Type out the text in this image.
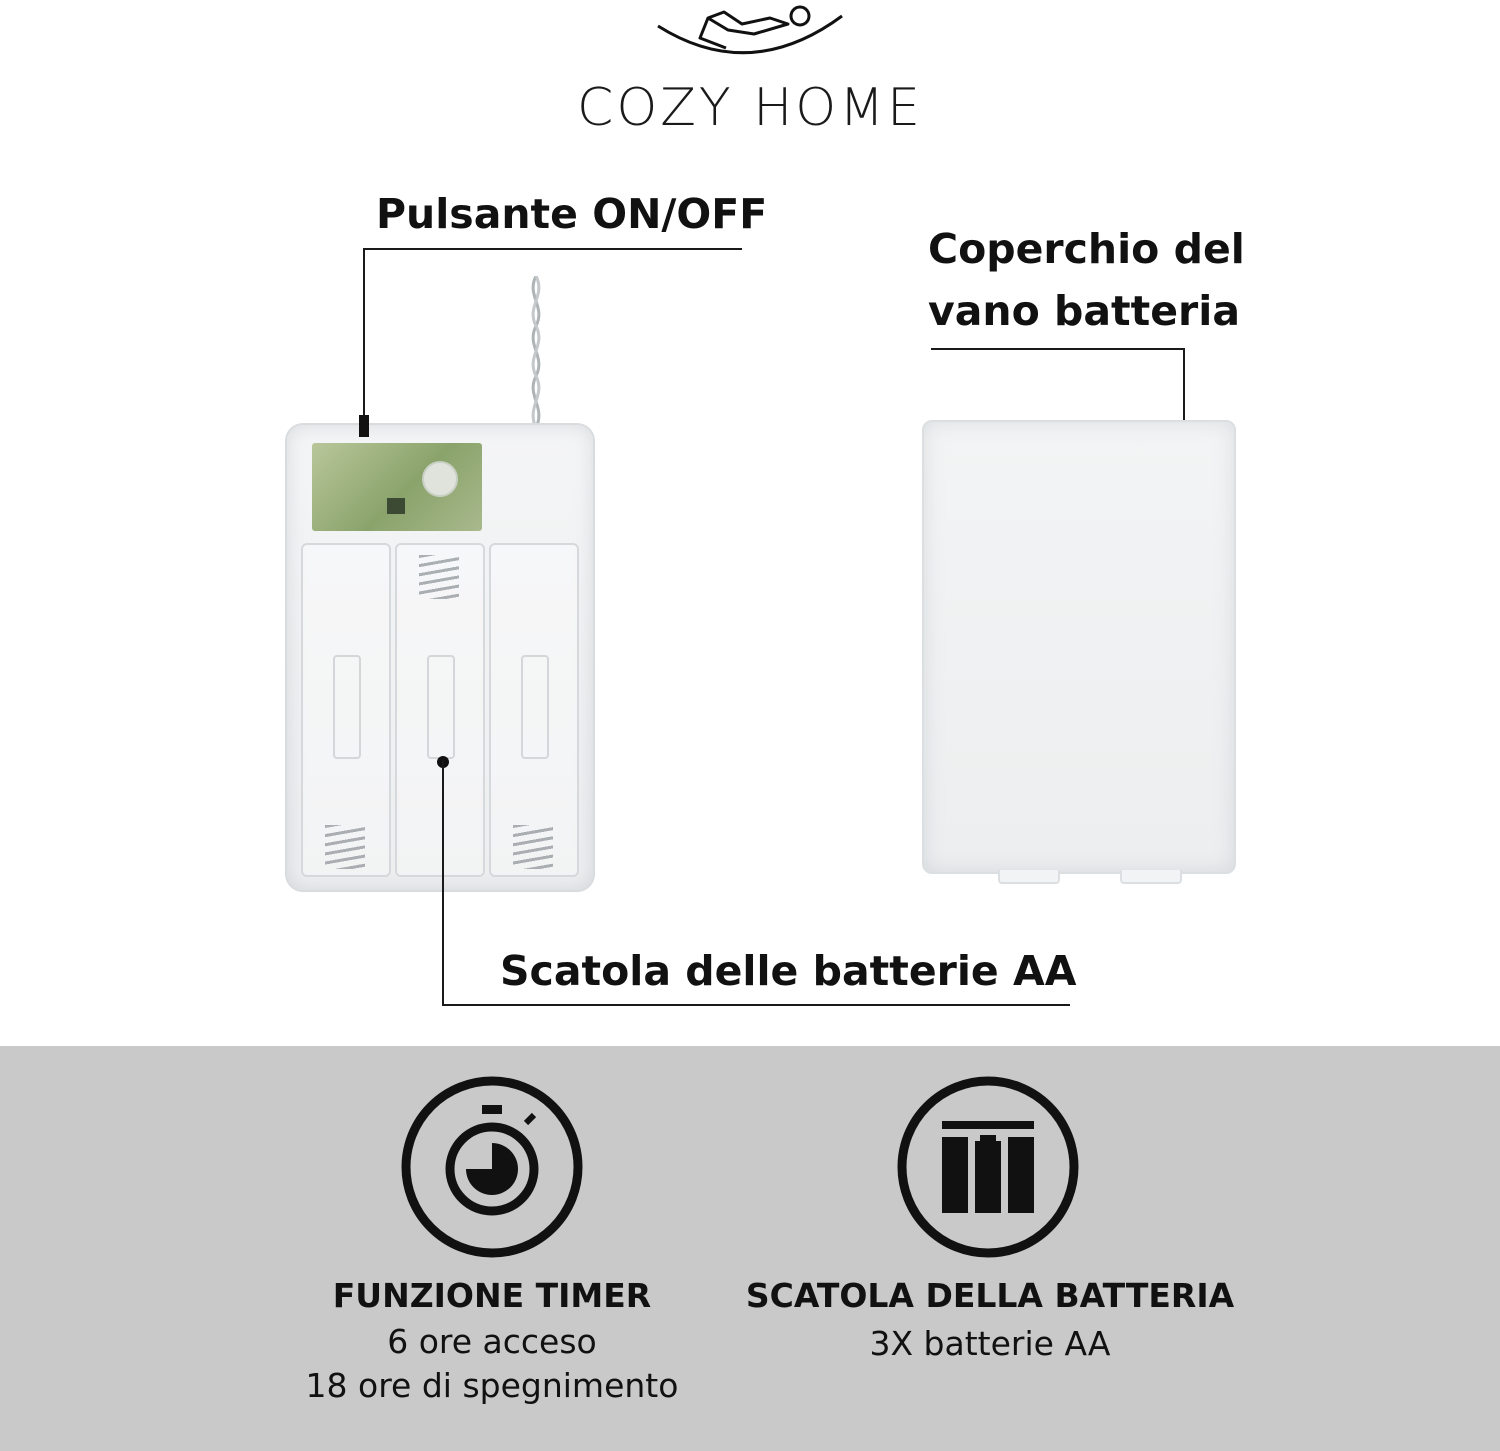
COZY HOME
Pulsante ON/OFF
Coperchio del
vano batteria
Scatola delle batterie AA
FUNZIONE TIMER
6 ore acceso
18 ore di spegnimento
SCATOLA DELLA BATTERIA
3X batterie AA
